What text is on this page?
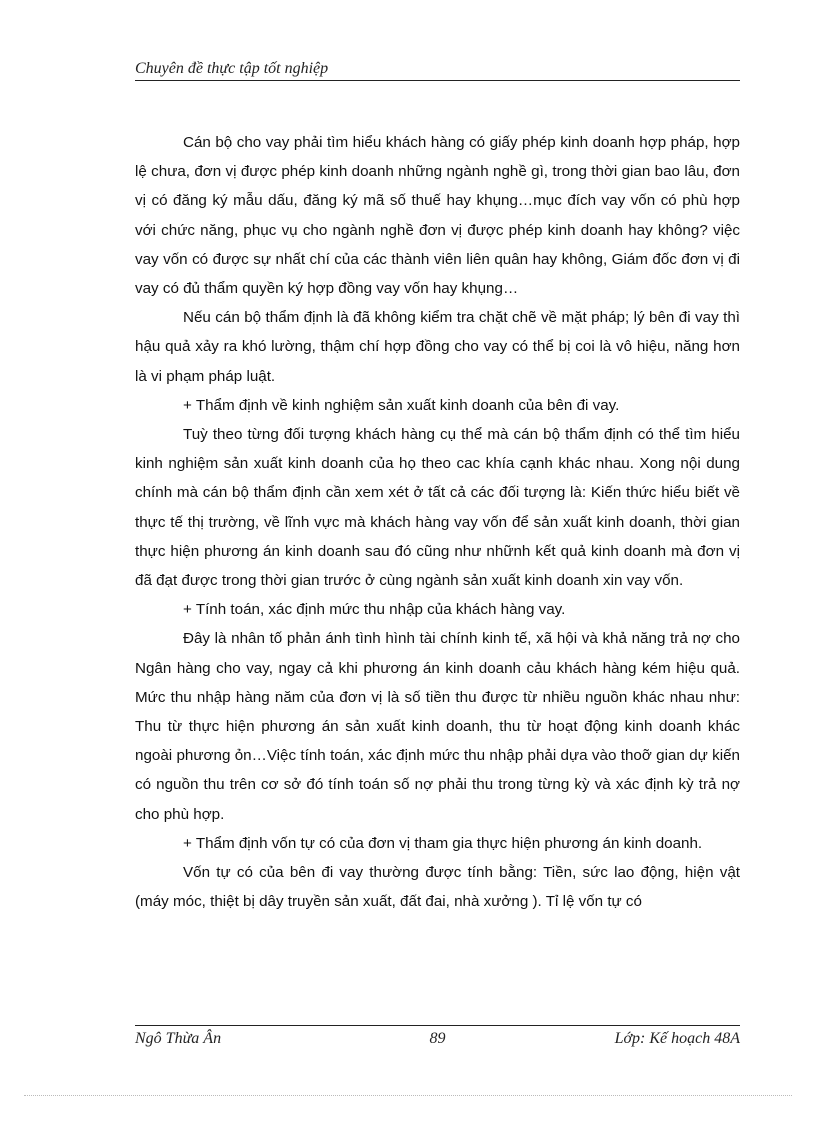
Chuyên đề thực tập tốt nghiệp

Cán bộ cho vay phải tìm hiểu khách hàng có giấy phép kinh doanh hợp pháp, hợp lệ chưa, đơn vị được phép kinh doanh những ngành nghề gì, trong thời gian bao lâu, đơn vị có đăng ký mẫu dấu, đăng ký mã số thuế hay khụng…mục đích vay vốn có phù hợp với chức năng, phục vụ cho ngành nghề đơn vị được phép kinh doanh hay không? việc vay vốn có được sự nhất chí của các thành viên liên quân hay không, Giám đốc đơn vị đi vay có đủ thẩm quyền ký hợp đồng vay vốn hay khụng…

Nếu cán bộ thẩm định là đã không kiểm tra chặt chẽ về mặt pháp; lý bên đi vay thì hậu quả xảy ra khó lường, thậm chí hợp đồng cho vay có thể bị coi là vô hiệu, năng hơn là vi phạm pháp luật.

+ Thẩm định về kinh nghiệm sản xuất kinh doanh của bên đi vay.

Tuỳ theo từng đối tượng khách hàng cụ thể mà cán bộ thẩm định có thể tìm hiểu kinh nghiệm sản xuất kinh doanh của họ theo cac khía cạnh khác nhau. Xong nội dung chính mà cán bộ thẩm định cần xem xét ở tất cả các đối tượng là: Kiến thức hiểu biết về thực tế thị trường, về lĩnh vực mà khách hàng vay vốn để sản xuất kinh doanh, thời gian thực hiện phương án kinh doanh sau đó cũng như nhữnh kết quả kinh doanh mà đơn vị đã đạt được trong thời gian trước ở cùng ngành sản xuất kinh doanh xin vay vốn.

+ Tính toán, xác định mức thu nhập của khách hàng vay.

Đây là nhân tố phản ánh tình hình tài chính kinh tế, xã hội và khả năng trả nợ cho Ngân hàng cho vay, ngay cả khi phương án kinh doanh cảu khách hàng kém hiệu quả. Mức thu nhập hàng năm của đơn vị là số tiền thu được từ nhiều nguồn khác nhau như: Thu từ thực hiện phương án sản xuất kinh doanh, thu từ hoạt động kinh doanh khác ngoài phương ỏn…Việc tính toán, xác định mức thu nhập phải dựa vào thoỡ gian dự kiến có nguồn thu trên cơ sở đó tính toán số nợ phải thu trong từng kỳ và xác định kỳ trả nợ cho phù hợp.

+ Thẩm định vốn tự có của đơn vị tham gia thực hiện phương án kinh doanh.

Vốn tự có của bên đi vay thường được tính bằng: Tiền, sức lao động, hiện vật (máy móc, thiệt bị dây truyền sản xuất, đất đai, nhà xưởng ). Tỉ lệ vốn tự có

Ngô Thừa Ân	89	Lớp: Kế hoạch 48A
